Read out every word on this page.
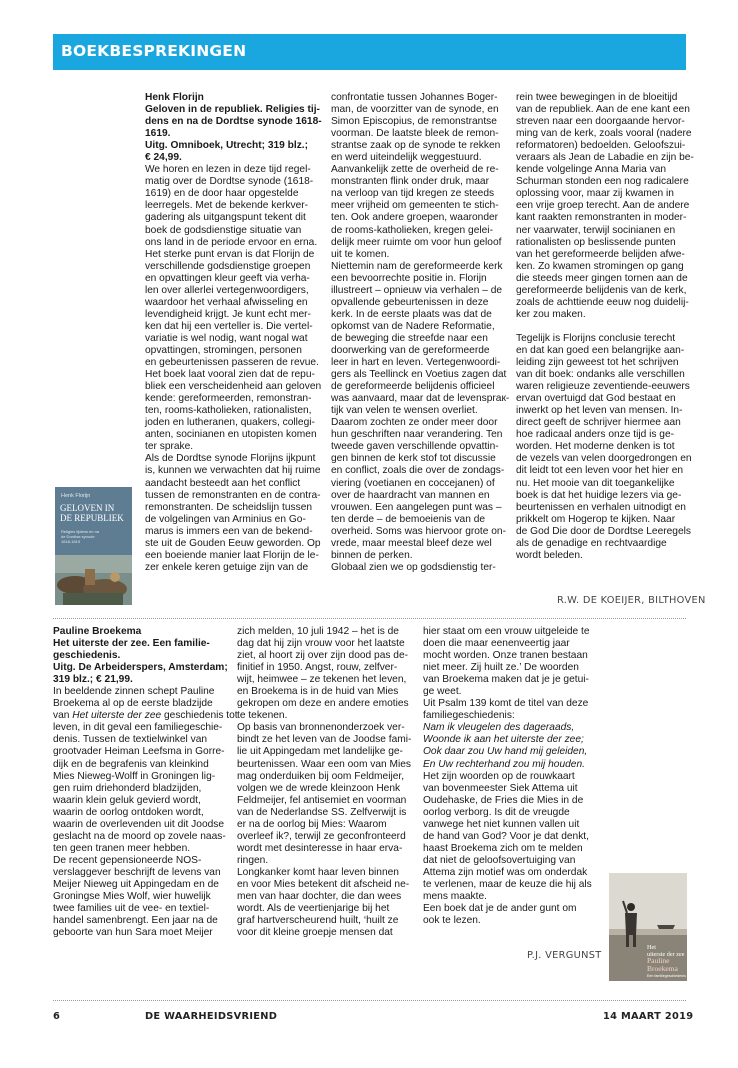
BOEKBESPREKINGEN
Henk Florijn
Geloven in de republiek. Religies tij-
dens en na de Dordtse synode 1618-
1619.
Uitg. Omniboek, Utrecht; 319 blz.;
€ 24,99.
We horen en lezen in deze tijd regel-
matig over de Dordtse synode (1618-
1619) en de door haar opgestelde
leerregels. Met de bekende kerkver-
gadering als uitgangspunt tekent dit
boek de godsdienstige situatie van
ons land in de periode ervoor en erna.
Het sterke punt ervan is dat Florijn de
verschillende godsdienstige groepen
en opvattingen kleur geeft via verha-
len over allerlei vertegenwoordigers,
waardoor het verhaal afwisseling en
levendigheid krijgt. Je kunt echt mer-
ken dat hij een verteller is. Die vertel-
variatie is wel nodig, want nogal wat
opvattingen, stromingen, personen
en gebeurtenissen passeren de revue.
Het boek laat vooral zien dat de repu-
bliek een verscheidenheid aan geloven
kende: gereformeerden, remonstran-
ten, rooms-katholieken, rationalisten,
joden en lutheranen, quakers, collegi-
anten, socinianen en utopisten komen
ter sprake.
Als de Dordtse synode Florijns ijkpunt
is, kunnen we verwachten dat hij ruime
aandacht besteedt aan het conflict
tussen de remonstranten en de contra-
remonstranten. De scheidslijn tussen
de volgelingen van Arminius en Go-
marus is immers een van de bekend-
ste uit de Gouden Eeuw geworden. Op
een boeiende manier laat Florijn de le-
zer enkele keren getuige zijn van de
confrontatie tussen Johannes Boger-
man, de voorzitter van de synode, en
Simon Episcopius, de remonstrantse
voorman. De laatste bleek de remon-
strantse zaak op de synode te rekken
en werd uiteindelijk weggestuurd.
Aanvankelijk zette de overheid de re-
monstranten flink onder druk, maar
na verloop van tijd kregen ze steeds
meer vrijheid om gemeenten te stich-
ten. Ook andere groepen, waaronder
de rooms-katholieken, kregen gelei-
delijk meer ruimte om voor hun geloof
uit te komen.
Niettemin nam de gereformeerde kerk
een bevoorrechte positie in. Florijn
illustreert – opnieuw via verhalen – de
opvallende gebeurtenissen in deze
kerk. In de eerste plaats was dat de
opkomst van de Nadere Reformatie,
de beweging die streefde naar een
doorwerking van de gereformeerde
leer in hart en leven. Vertegenwoordi-
gers als Teellinck en Voetius zagen dat
de gereformeerde belijdenis officieel
was aanvaard, maar dat de levenspraк-
tijk van velen te wensen overliet.
Daarom zochten ze onder meer door
hun geschriften naar verandering. Ten
tweede gaven verschillende opvattin-
gen binnen de kerk stof tot discussie
en conflict, zoals die over de zondags-
viering (voetianen en coccejanen) of
over de haardracht van mannen en
vrouwen. Een aangelegen punt was –
ten derde – de bemoeienis van de
overheid. Soms was hiervoor grote on-
vrede, maar meestal bleef deze wel
binnen de perken.
Globaal zien we op godsdienstig ter-
rein twee bewegingen in de bloeitijd
van de republiek. Aan de ene kant een
streven naar een doorgaande hervor-
ming van de kerk, zoals vooral (nadere
reformatoren) bedoelden. Geloofszui-
veraars als Jean de Labadie en zijn be-
kende volgelinge Anna Maria van
Schurman stonden een nog radicalere
oplossing voor, maar zij kwamen in
een vrije groep terecht. Aan de andere
kant raakten remonstranten in moder-
ner vaarwater, terwijl socinianen en
rationalisten op beslissende punten
van het gereformeerde belijden afwe-
ken. Zo kwamen stromingen op gang
die steeds meer gingen tornen aan de
gereformeerde belijdenis van de kerk,
zoals de achttiende eeuw nog duidelij-
ker zou maken.

Tegelijk is Florijns conclusie terecht
en dat kan goed een belangrijke aan-
leiding zijn geweest tot het schrijven
van dit boek: ondanks alle verschillen
waren religieuze zeventiende-eeuwers
ervan overtuigd dat God bestaat en
inwerkt op het leven van mensen. In-
direct geeft de schrijver hiermee aan
hoe radicaal anders onze tijd is ge-
worden. Het moderne denken is tot
de vezels van velen doorgedrongen en
dit leidt tot een leven voor het hier en
nu. Het mooie van dit toegankelijke
boek is dat het huidige lezers via ge-
beurtenissen en verhalen uitnodigt en
prikkelt om Hogerop te kijken. Naar
de God Die door de Dordtse Leeregels
als de genadige en rechtvaardige
wordt beleden.
R.W. DE KOEIJER, BILTHOVEN
Henk Florijn
GELOVEN IN
DE REPUBLIEK
Religies tijdens en na
de Dordtse synode
1618-1619
Pauline Broekema
Het uiterste der zee. Een familie-
geschiedenis.
Uitg. De Arbeiderspers, Amsterdam;
319 blz.; € 21,99.
In beeldende zinnen schept Pauline
Broekema al op de eerste bladzijde
van Het uiterste der zee geschiedenis tot
leven, in dit geval een familiegeschie-
denis. Tussen de textielwinkel van
grootvader Heiman Leefsma in Gorre-
dijk en de begrafenis van kleinkind
Mies Nieweg-Wolff in Groningen lig-
gen ruim driehonderd bladzijden,
waarin klein geluk gevierd wordt,
waarin de oorlog ontdoken wordt,
waarin de overlevenden uit dit Joodse
geslacht na de moord op zovele naas-
ten geen tranen meer hebben.
De recent gepensioneerde NOS-
verslaggever beschrijft de levens van
Meijer Nieweg uit Appingedam en de
Groningse Mies Wolf, wier huwelijk
twee families uit de vee- en textiel-
handel samenbrengt. Een jaar na de
geboorte van hun Sara moet Meijer
zich melden, 10 juli 1942 – het is de
dag dat hij zijn vrouw voor het laatste
ziet, al hoort zij over zijn dood pas de-
finitief in 1950. Angst, rouw, zelfver-
wijt, heimwee – ze tekenen het leven,
en Broekema is in de huid van Mies
gekropen om deze en andere emoties
te tekenen.
Op basis van bronnenonderzoek ver-
bindt ze het leven van de Joodse fami-
lie uit Appingedam met landelijke ge-
beurtenissen. Waar een oom van Mies
mag onderduiken bij oom Feldmeijer,
volgen we de wrede kleinzoon Henk
Feldmeijer, fel antisemiet en voorman
van de Nederlandse SS. Zelfverwijt is
er na de oorlog bij Mies: Waarom
overleef ik?, terwijl ze geconfronteerd
wordt met desinteresse in haar erva-
ringen.
Longkanker komt haar leven binnen
en voor Mies betekent dit afscheid ne-
men van haar dochter, die dan wees
wordt. Als de veertienjarige bij het
graf hartverscheurend huilt, ‘huilt ze
voor dit kleine groepje mensen dat
hier staat om een vrouw uitgeleide te
doen die maar eenenveertig jaar
mocht worden. Onze tranen bestaan
niet meer. Zij huilt ze.’ De woorden
van Broekema maken dat je je getui-
ge weet.
Uit Psalm 139 komt de titel van deze
familiegeschiedenis:
Nam ik vleugelen des dageraads,
Woonde ik aan het uiterste der zee;
Ook daar zou Uw hand mij geleiden,
En Uw rechterhand zou mij houden.
Het zijn woorden op de rouwkaart
van bovenmeester Siek Attema uit
Oudehaske, de Fries die Mies in de
oorlog verborg. Is dit de vreugde
vanwege het niet kunnen vallen uit
de hand van God? Voor je dat denkt,
haast Broekema zich om te melden
dat niet de geloofsovertuiging van
Attema zijn motief was om onderdak
te verlenen, maar de keuze die hij als
mens maakte.
Een boek dat je de ander gunt om
ook te lezen.
P.J. VERGUNST
Het
uiterste der zee
Pauline
Broekema
Een familiegeschiedenis
6	DE WAARHEIDSVRIEND	14 MAART 2019
